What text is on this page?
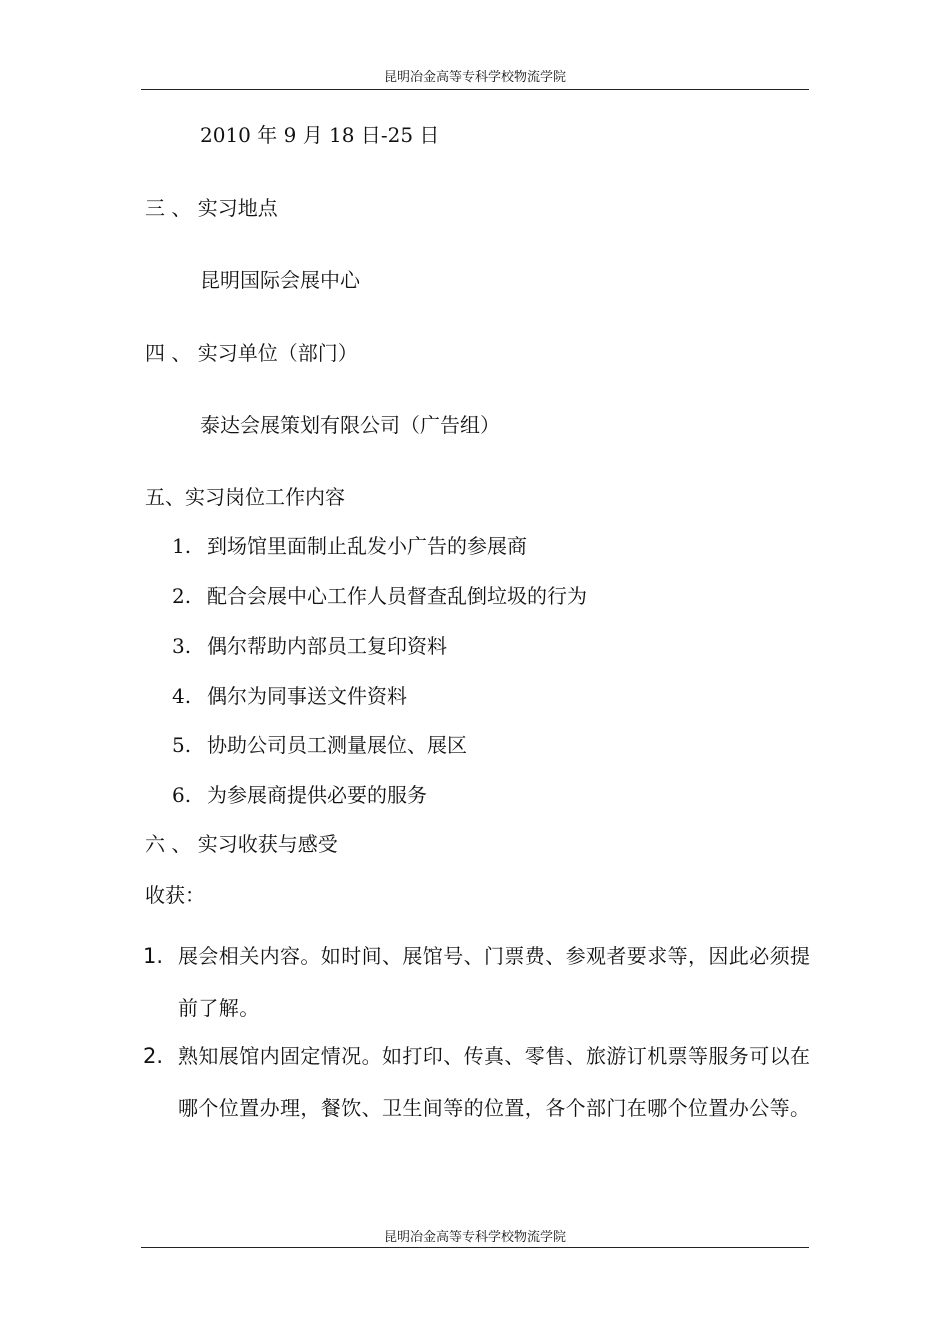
昆明冶金高等专科学校物流学院
2010 年 9 月 18 日-25 日
三 、 实习地点
昆明国际会展中心
四 、 实习单位（部门）
泰达会展策划有限公司（广告组）
五、实习岗位工作内容
1. 到场馆里面制止乱发小广告的参展商
2. 配合会展中心工作人员督查乱倒垃圾的行为
3. 偶尔帮助内部员工复印资料
4. 偶尔为同事送文件资料
5. 协助公司员工测量展位、展区
6. 为参展商提供必要的服务
六 、 实习收获与感受
收获：
1. 展会相关内容。如时间、展馆号、门票费、参观者要求等，因此必须提前了解。
2. 熟知展馆内固定情况。如打印、传真、零售、旅游订机票等服务可以在哪个位置办理，餐饮、卫生间等的位置，各个部门在哪个位置办公等。
昆明冶金高等专科学校物流学院
